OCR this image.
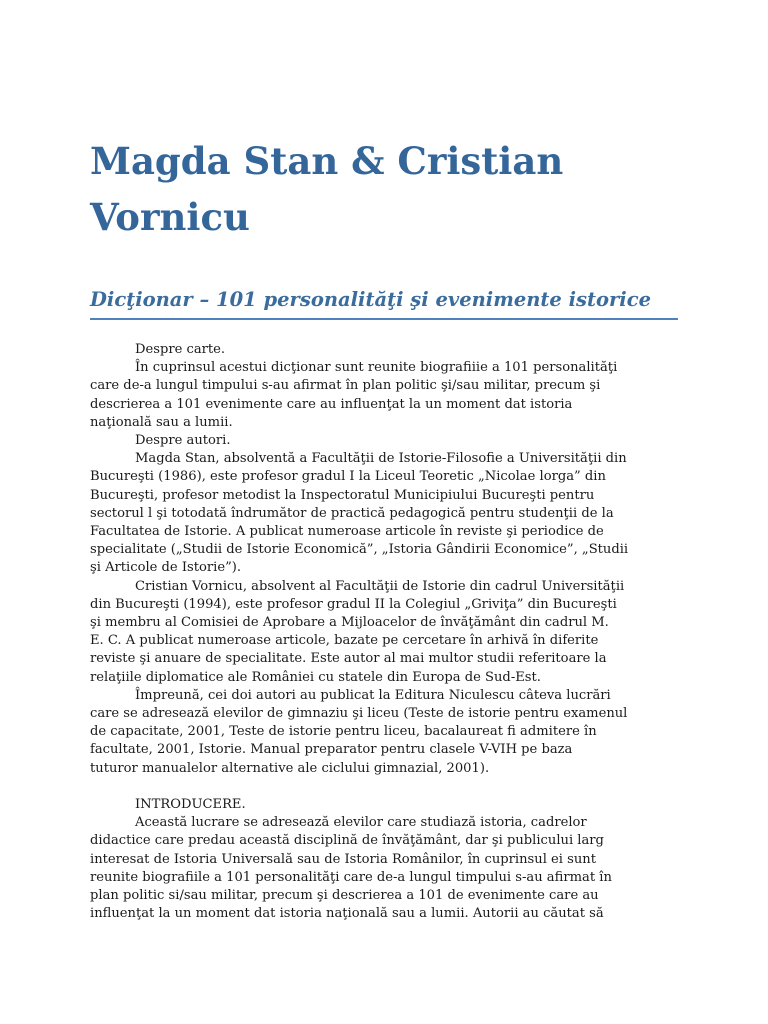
Magda Stan & Cristian
Vornicu
Dicţionar – 101 personalităţi şi evenimente istorice
Despre carte.
În cuprinsul acestui dicţionar sunt reunite biografiiie a 101 personalităţi
care de-a lungul timpului s-au afirmat în plan politic şi/sau militar, precum şi
descrierea a 101 evenimente care au influenţat la un moment dat istoria
naţională sau a lumii.
Despre autori.
Magda Stan, absolventă a Facultăţii de Istorie-Filosofie a Universităţii din
Bucureşti (1986), este profesor gradul I la Liceul Teoretic „Nicolae lorga” din
Bucureşti, profesor metodist la Inspectoratul Municipiului Bucureşti pentru
sectorul l şi totodată îndrumător de practică pedagogică pentru studenţii de la
Facultatea de Istorie. A publicat numeroase articole în reviste şi periodice de
specialitate („Studii de Istorie Economică”, „Istoria Gândirii Economice”, „Studii
şi Articole de Istorie”).
Cristian Vornicu, absolvent al Facultăţii de Istorie din cadrul Universităţii
din Bucureşti (1994), este profesor gradul II la Colegiul „Griviţa” din Bucureşti
şi membru al Comisiei de Aprobare a Mijloacelor de învăţământ din cadrul M.
E. C. A publicat numeroase articole, bazate pe cercetare în arhivă în diferite
reviste şi anuare de specialitate. Este autor al mai multor studii referitoare la
relaţiile diplomatice ale României cu statele din Europa de Sud-Est.
Împreună, cei doi autori au publicat la Editura Niculescu câteva lucrări
care se adresează elevilor de gimnaziu şi liceu (Teste de istorie pentru examenul
de capacitate, 2001, Teste de istorie pentru liceu, bacalaureat fi admitere în
facultate, 2001, Istorie. Manual preparator pentru clasele V-VIH pe baza
tuturor manualelor alternative ale ciclului gimnazial, 2001).
INTRODUCERE.
Această lucrare se adresează elevilor care studiază istoria, cadrelor
didactice care predau această disciplină de învăţământ, dar şi publicului larg
interesat de Istoria Universală sau de Istoria Românilor, în cuprinsul ei sunt
reunite biografiile a 101 personalităţi care de-a lungul timpului s-au afirmat în
plan politic si/sau militar, precum şi descrierea a 101 de evenimente care au
influenţat la un moment dat istoria naţională sau a lumii. Autorii au căutat să
